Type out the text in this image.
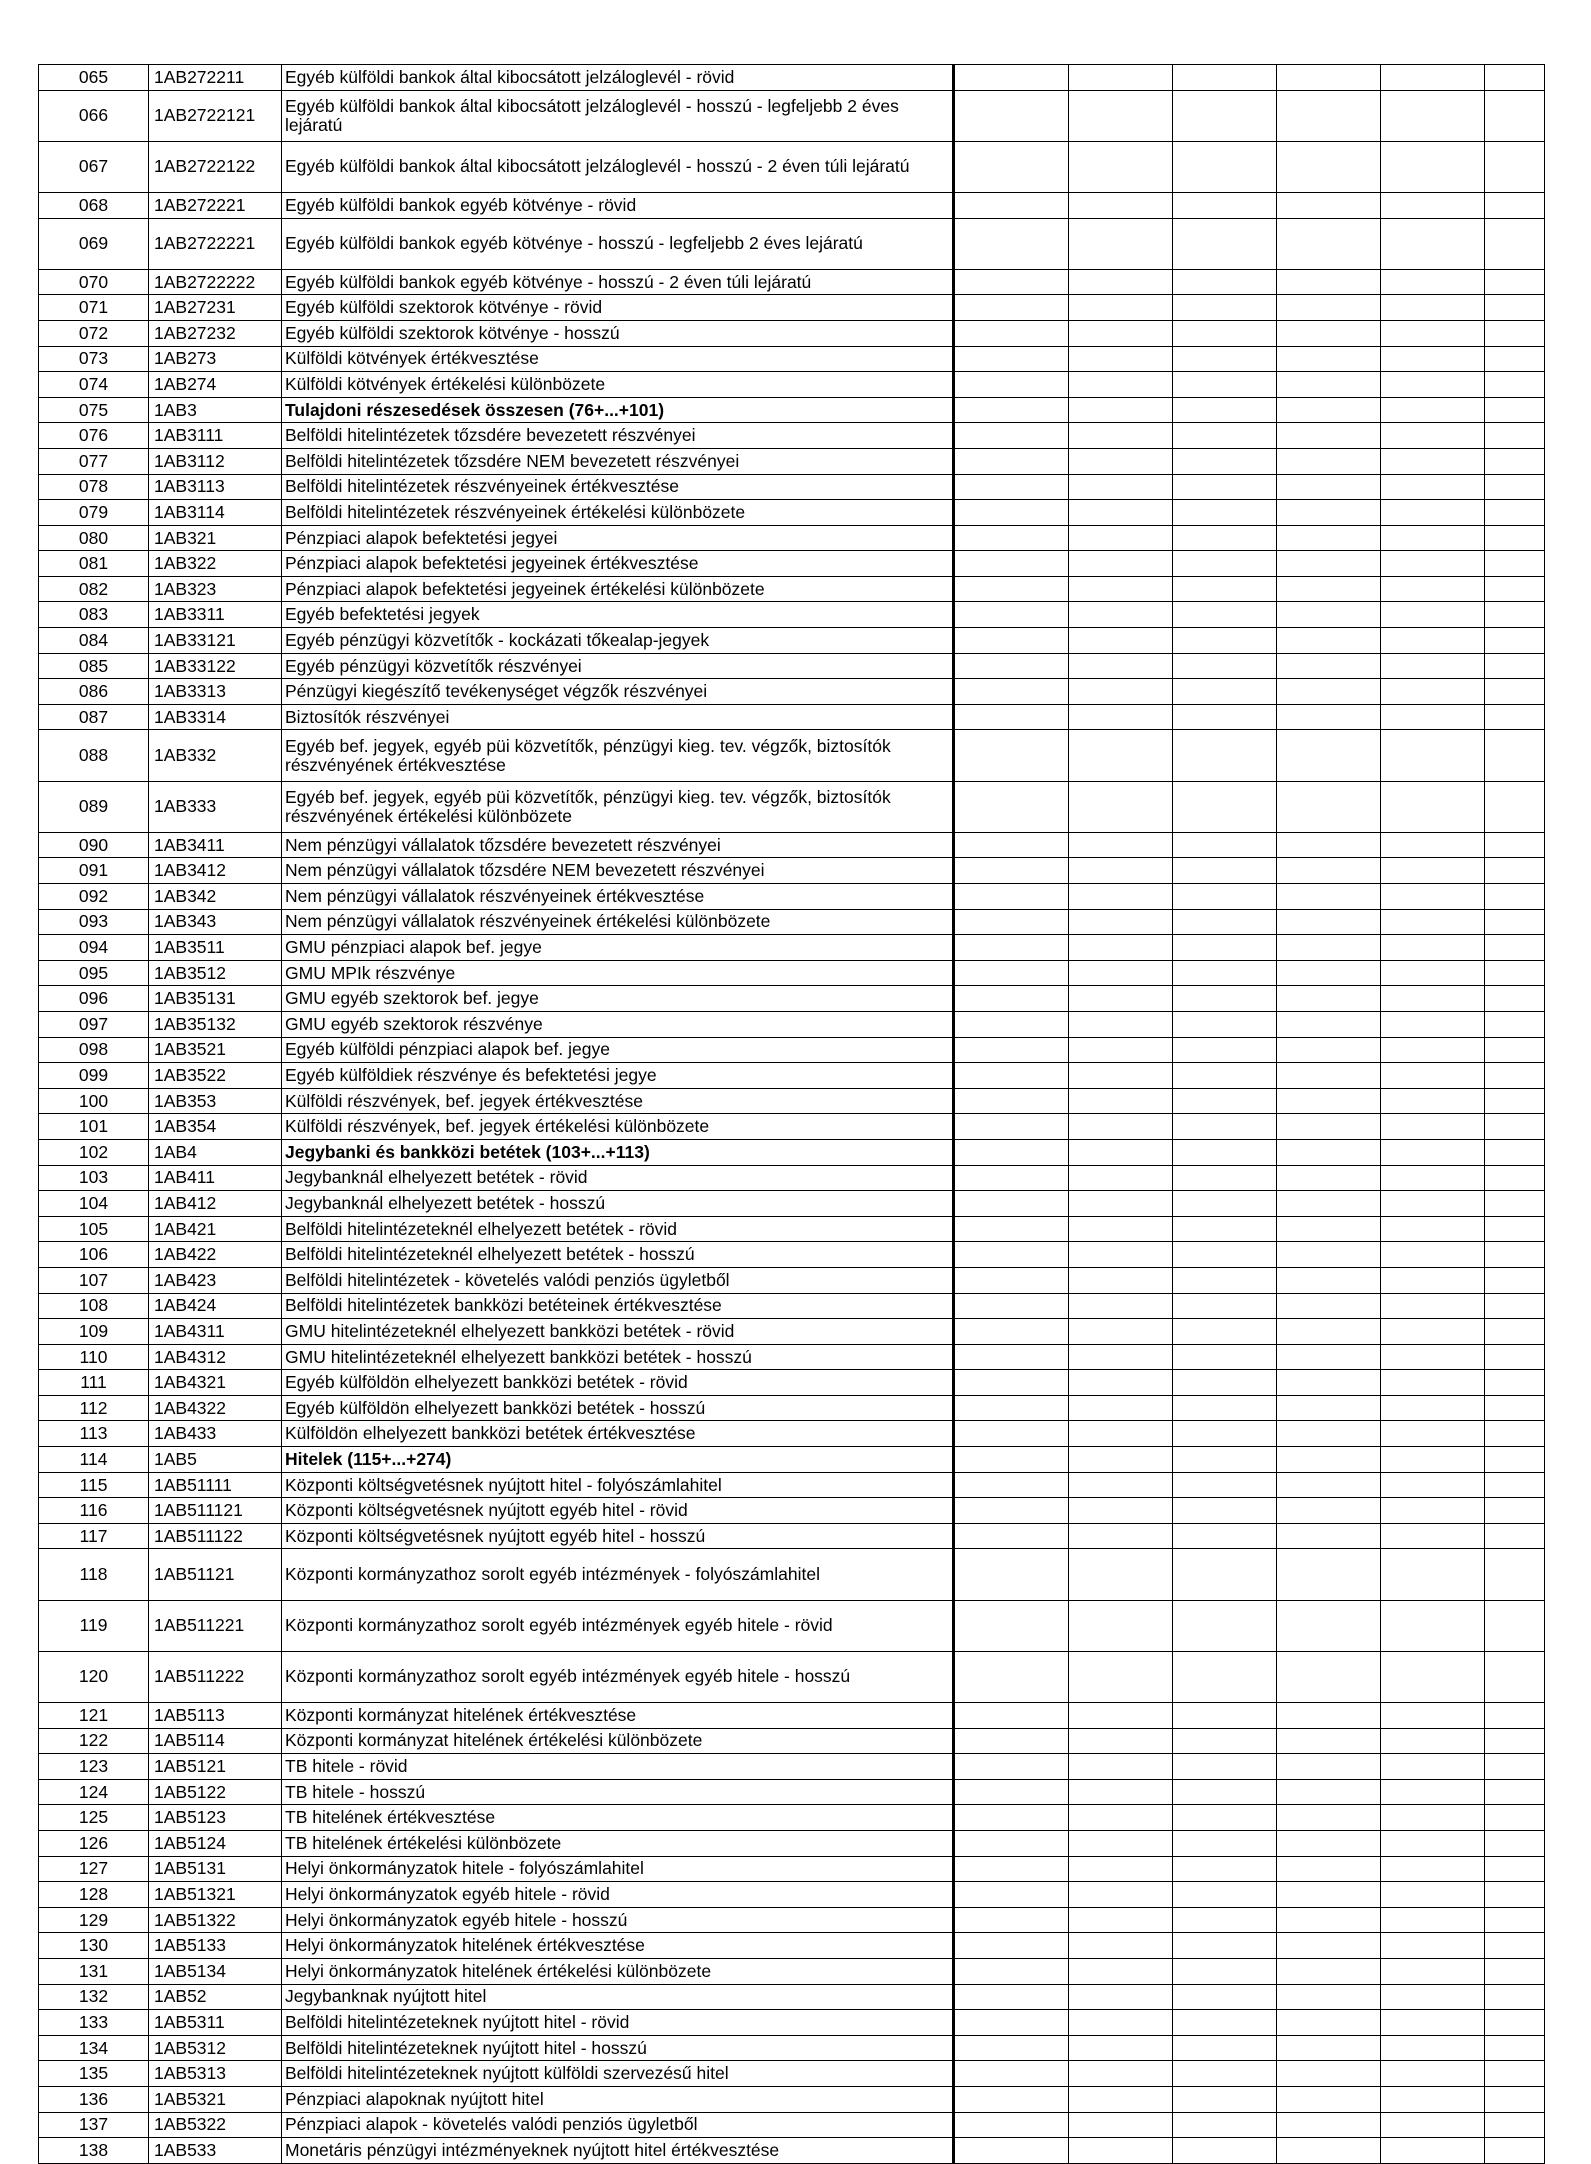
065	1AB272211	Egyéb külföldi bankok által kibocsátott jelzáloglevél - rövid						
066	1AB2722121	Egyéb külföldi bankok által kibocsátott jelzáloglevél - hosszú - legfeljebb 2 éves lejáratú						
067	1AB2722122	Egyéb külföldi bankok által kibocsátott jelzáloglevél - hosszú - 2 éven túli lejáratú						
068	1AB272221	Egyéb külföldi bankok egyéb kötvénye - rövid						
069	1AB2722221	Egyéb külföldi bankok egyéb kötvénye - hosszú - legfeljebb 2 éves lejáratú						
070	1AB2722222	Egyéb külföldi bankok egyéb kötvénye - hosszú - 2 éven túli lejáratú						
071	1AB27231	Egyéb külföldi szektorok kötvénye - rövid						
072	1AB27232	Egyéb külföldi szektorok kötvénye - hosszú						
073	1AB273	Külföldi kötvények értékvesztése						
074	1AB274	Külföldi kötvények értékelési különbözete						
075	1AB3	Tulajdoni részesedések összesen (76+...+101)						
076	1AB3111	Belföldi hitelintézetek tőzsdére bevezetett részvényei						
077	1AB3112	Belföldi hitelintézetek tőzsdére NEM bevezetett részvényei						
078	1AB3113	Belföldi hitelintézetek részvényeinek értékvesztése						
079	1AB3114	Belföldi hitelintézetek részvényeinek értékelési különbözete						
080	1AB321	Pénzpiaci alapok befektetési jegyei						
081	1AB322	Pénzpiaci alapok befektetési jegyeinek értékvesztése						
082	1AB323	Pénzpiaci alapok befektetési jegyeinek értékelési különbözete						
083	1AB3311	Egyéb befektetési jegyek						
084	1AB33121	Egyéb pénzügyi közvetítők - kockázati tőkealap-jegyek						
085	1AB33122	Egyéb pénzügyi közvetítők részvényei						
086	1AB3313	Pénzügyi kiegészítő tevékenységet végzők részvényei						
087	1AB3314	Biztosítók részvényei						
088	1AB332	Egyéb bef. jegyek, egyéb püi közvetítők, pénzügyi kieg. tev. végzők, biztosítók részvényének értékvesztése						
089	1AB333	Egyéb bef. jegyek, egyéb püi közvetítők, pénzügyi kieg. tev. végzők, biztosítók részvényének értékelési különbözete						
090	1AB3411	Nem pénzügyi vállalatok tőzsdére bevezetett részvényei						
091	1AB3412	Nem pénzügyi vállalatok tőzsdére NEM bevezetett részvényei						
092	1AB342	Nem pénzügyi vállalatok részvényeinek értékvesztése						
093	1AB343	Nem pénzügyi vállalatok részvényeinek értékelési különbözete						
094	1AB3511	GMU pénzpiaci alapok bef. jegye						
095	1AB3512	GMU MPIk részvénye						
096	1AB35131	GMU egyéb szektorok bef. jegye						
097	1AB35132	GMU egyéb szektorok részvénye						
098	1AB3521	Egyéb külföldi pénzpiaci alapok bef. jegye						
099	1AB3522	Egyéb külföldiek részvénye és befektetési jegye						
100	1AB353	Külföldi részvények, bef. jegyek értékvesztése						
101	1AB354	Külföldi részvények, bef. jegyek értékelési különbözete						
102	1AB4	Jegybanki és bankközi betétek (103+...+113)						
103	1AB411	Jegybanknál elhelyezett betétek - rövid						
104	1AB412	Jegybanknál elhelyezett betétek - hosszú						
105	1AB421	Belföldi hitelintézeteknél elhelyezett betétek - rövid						
106	1AB422	Belföldi hitelintézeteknél elhelyezett betétek - hosszú						
107	1AB423	Belföldi hitelintézetek - követelés valódi penziós ügyletből						
108	1AB424	Belföldi hitelintézetek bankközi betéteinek értékvesztése						
109	1AB4311	GMU hitelintézeteknél elhelyezett bankközi betétek - rövid						
110	1AB4312	GMU hitelintézeteknél elhelyezett bankközi betétek - hosszú						
111	1AB4321	Egyéb külföldön elhelyezett bankközi betétek - rövid						
112	1AB4322	Egyéb külföldön elhelyezett bankközi betétek - hosszú						
113	1AB433	Külföldön elhelyezett bankközi betétek értékvesztése						
114	1AB5	Hitelek (115+...+274)						
115	1AB51111	Központi költségvetésnek nyújtott hitel - folyószámlahitel						
116	1AB511121	Központi költségvetésnek nyújtott egyéb hitel - rövid						
117	1AB511122	Központi költségvetésnek nyújtott egyéb hitel - hosszú						
118	1AB51121	Központi kormányzathoz sorolt egyéb intézmények - folyószámlahitel						
119	1AB511221	Központi kormányzathoz sorolt egyéb intézmények egyéb hitele - rövid						
120	1AB511222	Központi kormányzathoz sorolt egyéb intézmények egyéb hitele - hosszú						
121	1AB5113	Központi kormányzat hitelének értékvesztése						
122	1AB5114	Központi kormányzat hitelének értékelési különbözete						
123	1AB5121	TB hitele - rövid						
124	1AB5122	TB hitele - hosszú						
125	1AB5123	TB hitelének értékvesztése						
126	1AB5124	TB hitelének értékelési különbözete						
127	1AB5131	Helyi önkormányzatok hitele - folyószámlahitel						
128	1AB51321	Helyi önkormányzatok egyéb hitele - rövid						
129	1AB51322	Helyi önkormányzatok egyéb hitele - hosszú						
130	1AB5133	Helyi önkormányzatok hitelének értékvesztése						
131	1AB5134	Helyi önkormányzatok hitelének értékelési különbözete						
132	1AB52	Jegybanknak nyújtott hitel						
133	1AB5311	Belföldi hitelintézeteknek nyújtott hitel - rövid						
134	1AB5312	Belföldi hitelintézeteknek nyújtott hitel - hosszú						
135	1AB5313	Belföldi hitelintézeteknek nyújtott külföldi szervezésű hitel						
136	1AB5321	Pénzpiaci alapoknak nyújtott hitel						
137	1AB5322	Pénzpiaci alapok - követelés valódi penziós ügyletből						
138	1AB533	Monetáris pénzügyi intézményeknek nyújtott hitel értékvesztése						
